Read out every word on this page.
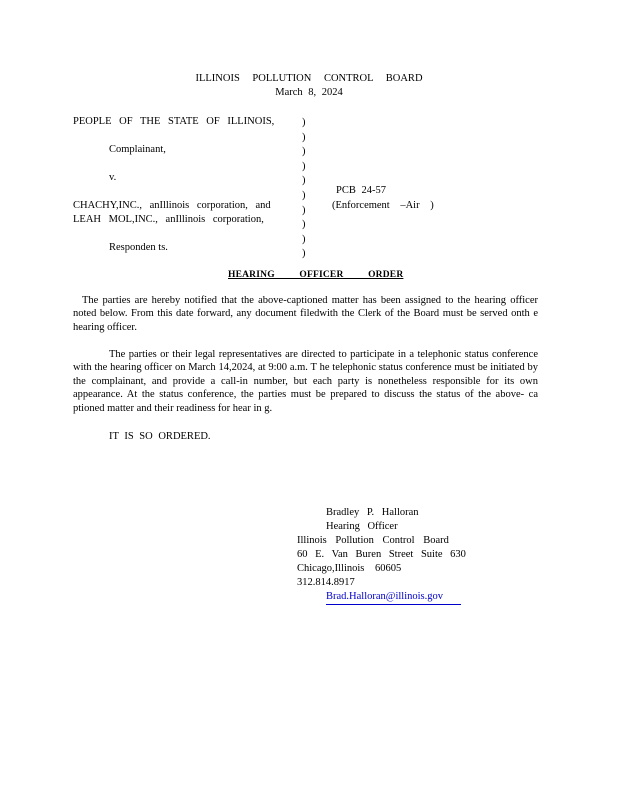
ILLINOIS POLLUTION CONTROL BOARD
March 8, 2024
PEOPLE OF THE STATE OF ILLINOIS,
Complainant,
v.
CHACHY,INC., anIllinois corporation, and
LEAH MOL,INC., anIllinois corporation,
Responden ts.
)
)
)
)
)
)
)
)
)
)
PCB 24-57
(Enforcement –Air )
HEARING OFFICER ORDER
The parties are hereby notified that the above-captioned matter has been assigned to the hearing officer noted below. From this date forward, any document filedwith the Clerk of the Board must be served onth e hearing officer.
The parties or their legal representatives are directed to participate in a telephonic status conference with the hearing officer on March 14,2024, at 9:00 a.m. T he telephonic status conference must be initiated by the complainant, and provide a call-in number, but each party is nonetheless responsible for its own appearance. At the status conference, the parties must be prepared to discuss the status of the above- ca ptioned matter and their readiness for hear in g.
IT IS SO ORDERED.
Bradley P. Halloran
Hearing Officer
Illinois Pollution Control Board
60 E. Van Buren Street Suite 630
Chicago,Illinois 60605
312.814.8917
Brad.Halloran@illinois.gov
